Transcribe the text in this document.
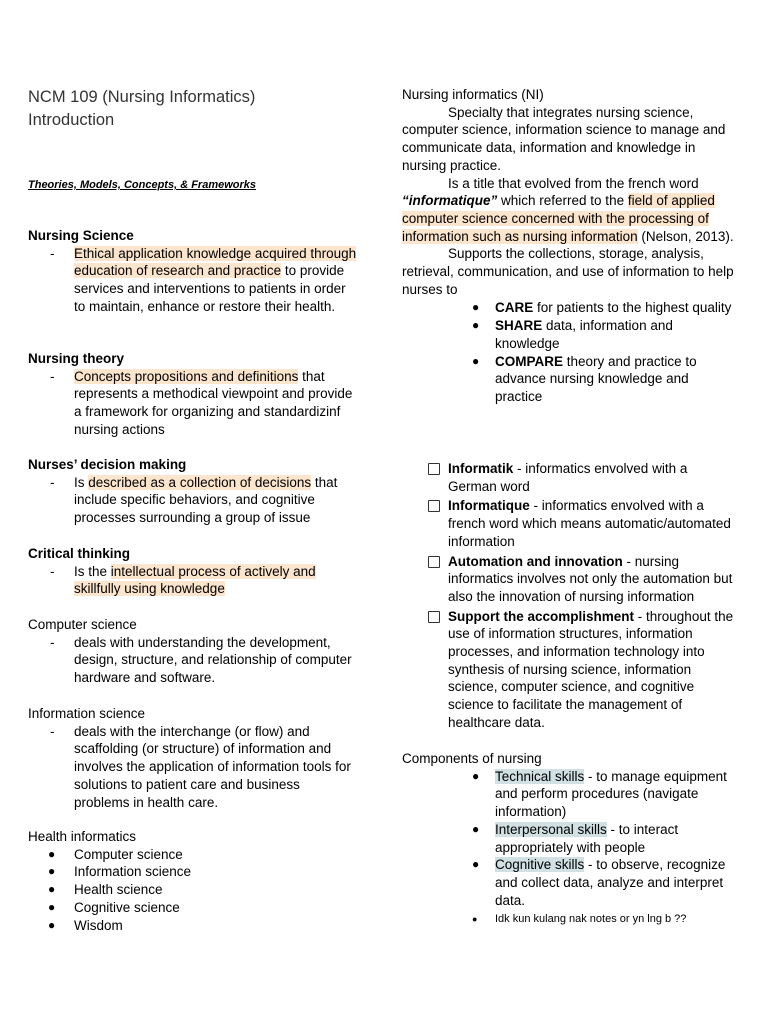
NCM 109 (Nursing Informatics)
Introduction
Theories, Models, Concepts, & Frameworks
Nursing Science
- Ethical application knowledge acquired through education of research and practice to provide services and interventions to patients in order to maintain, enhance or restore their health.
Nursing theory
- Concepts propositions and definitions that represents a methodical viewpoint and provide a framework for organizing and standardizinf nursing actions
Nurses’ decision making
- Is described as a collection of decisions that include specific behaviors, and cognitive processes surrounding a group of issue
Critical thinking
- Is the intellectual process of actively and skillfully using knowledge
Computer science
- deals with understanding the development, design, structure, and relationship of computer hardware and software.
Information science
- deals with the interchange (or flow) and scaffolding (or structure) of information and involves the application of information tools for solutions to patient care and business problems in health care.
Health informatics
● Computer science
● Information science
● Health science
● Cognitive science
● Wisdom
Nursing informatics (NI)
Specialty that integrates nursing science, computer science, information science to manage and communicate data, information and knowledge in nursing practice.
Is a title that evolved from the french word “informatique” which referred to the field of applied computer science concerned with the processing of information such as nursing information (Nelson, 2013).
Supports the collections, storage, analysis, retrieval, communication, and use of information to help nurses to
● CARE for patients to the highest quality
● SHARE data, information and knowledge
● COMPARE theory and practice to advance nursing knowledge and practice
Informatik - informatics envolved with a German word
Informatique - informatics envolved with a french word which means automatic/automated information
Automation and innovation - nursing informatics involves not only the automation but also the innovation of nursing information
Support the accomplishment - throughout the use of information structures, information processes, and information technology into synthesis of nursing science, information science, computer science, and cognitive science to facilitate the management of healthcare data.
Components of nursing
● Technical skills - to manage equipment and perform procedures (navigate information)
● Interpersonal skills - to interact appropriately with people
● Cognitive skills - to observe, recognize and collect data, analyze and interpret data.
● Idk kun kulang nak notes or yn lng b ??
